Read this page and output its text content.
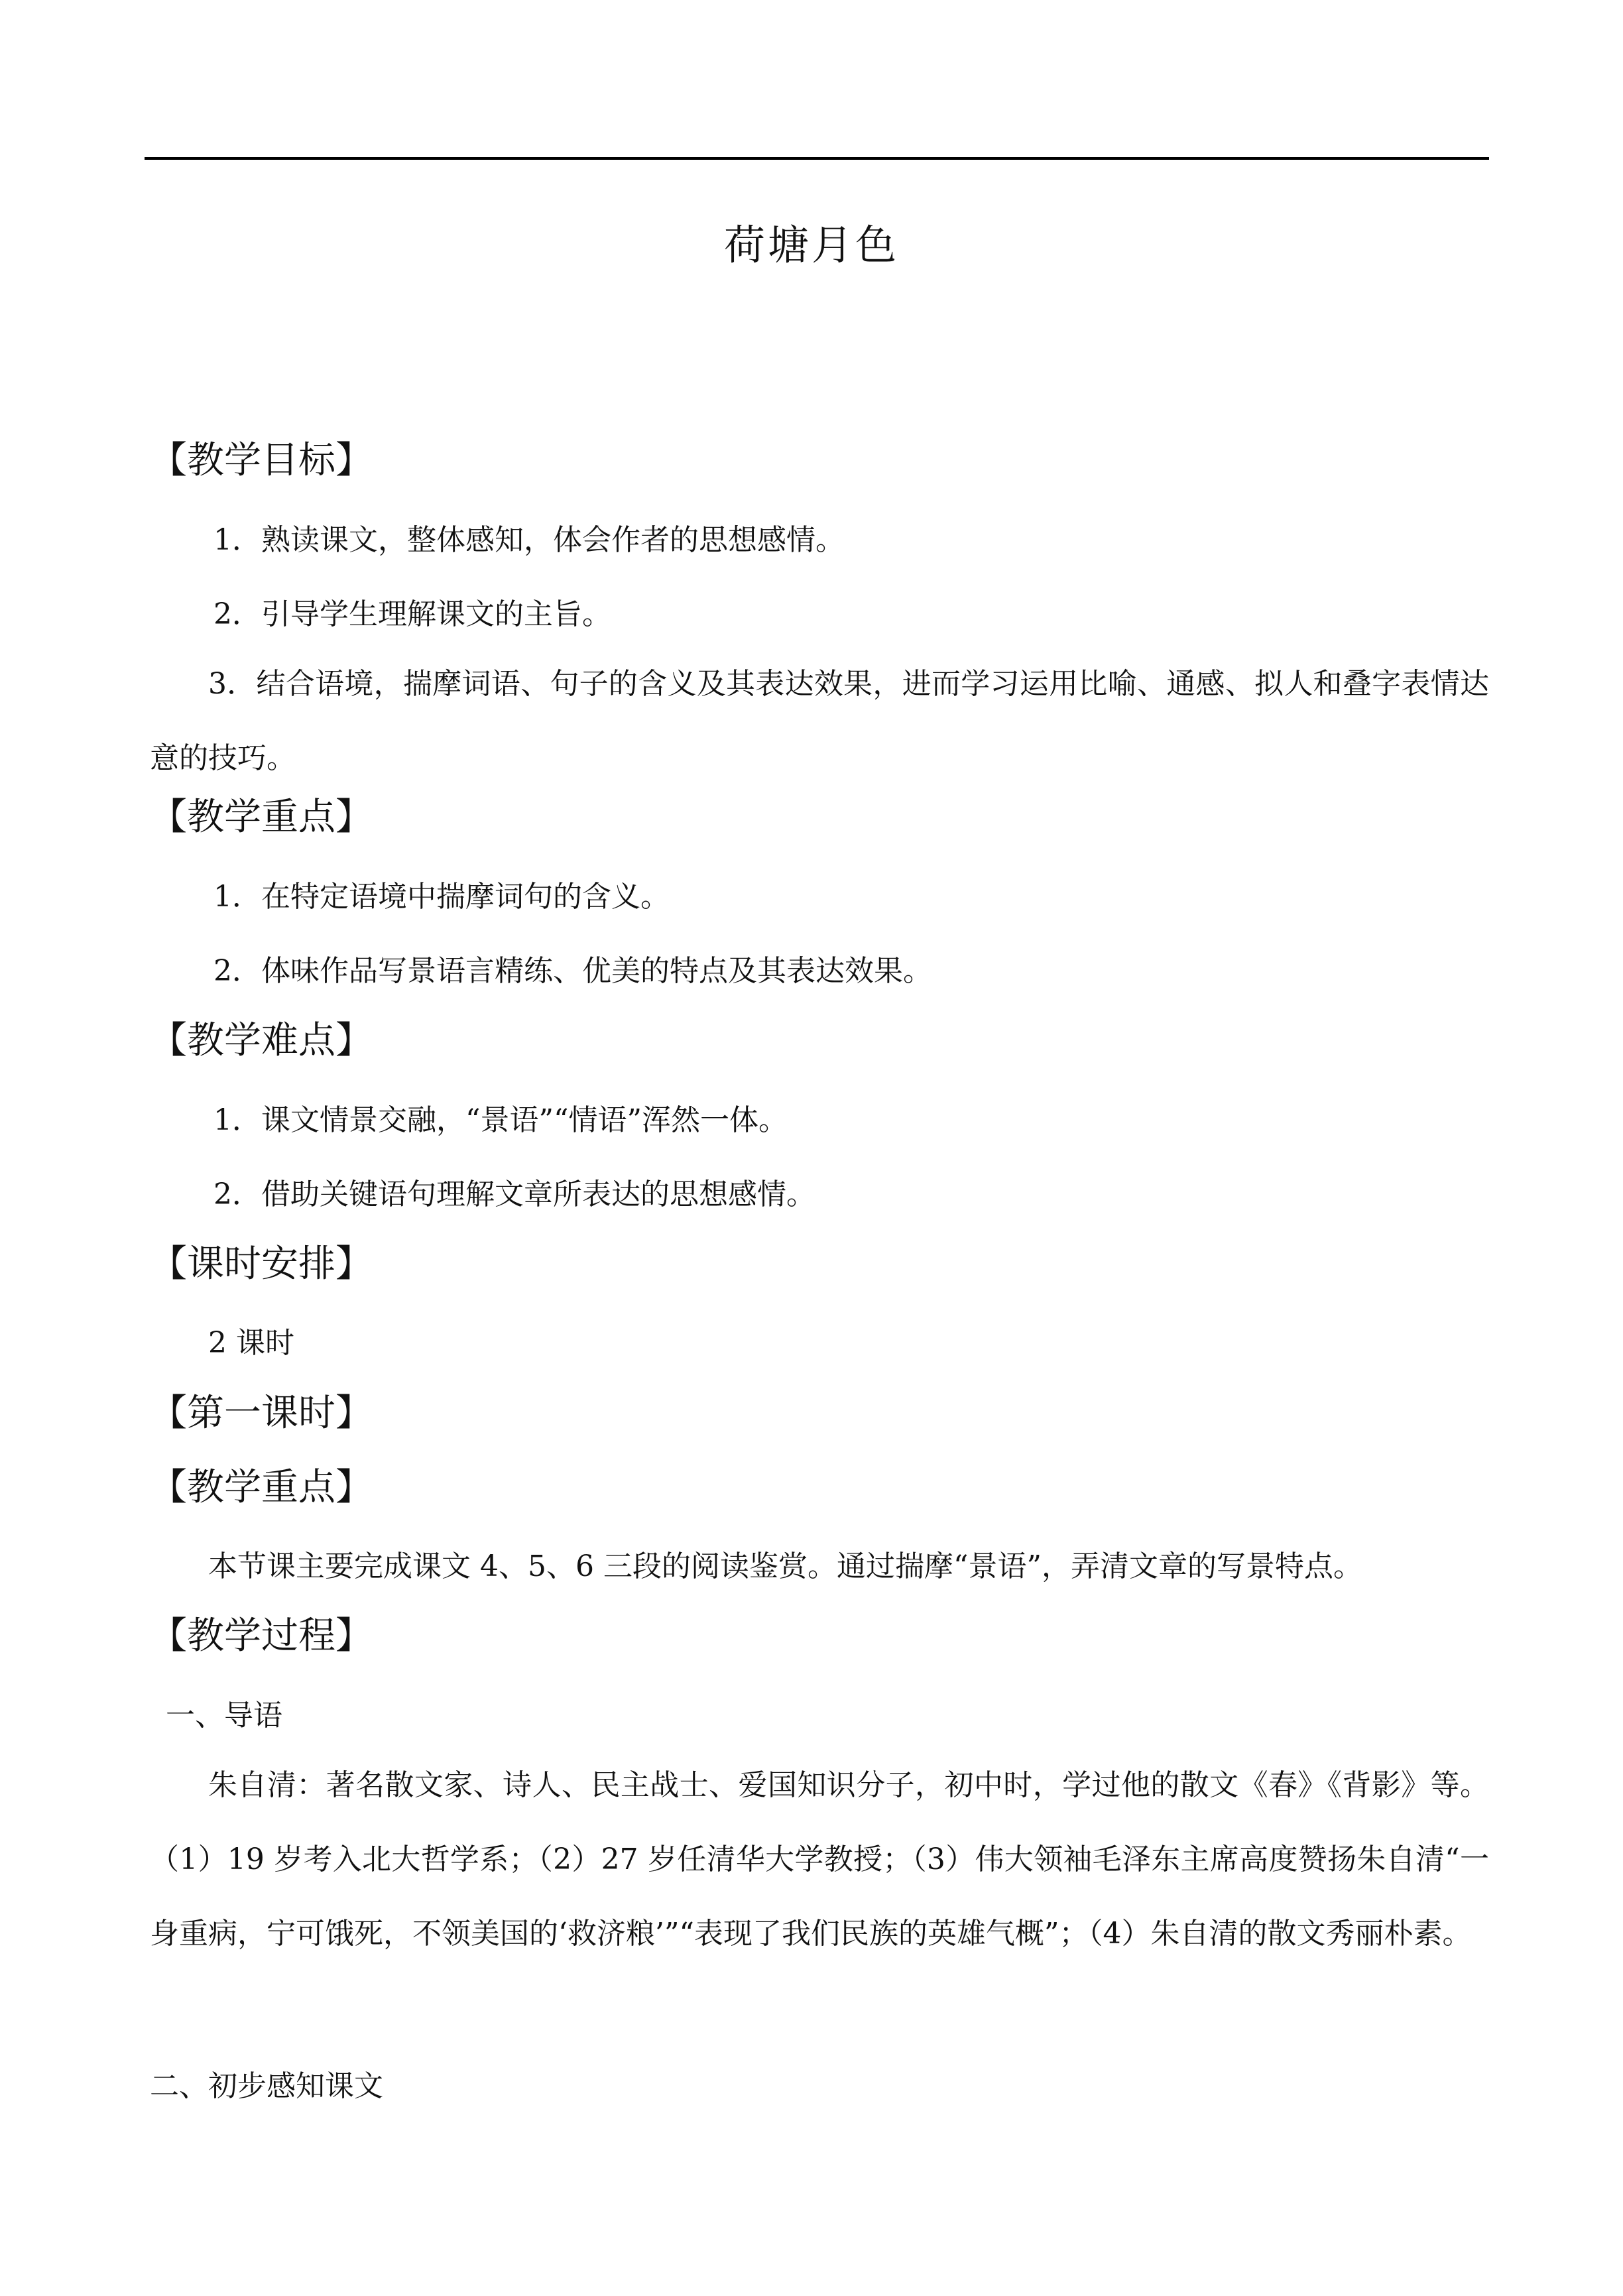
荷塘月色
【教学目标】
1．熟读课文，整体感知，体会作者的思想感情。
2．引导学生理解课文的主旨。
3．结合语境，揣摩词语、句子的含义及其表达效果，进而学习运用比喻、通感、拟人和叠字表情达意的技巧。
【教学重点】
1．在特定语境中揣摩词句的含义。
2．体味作品写景语言精练、优美的特点及其表达效果。
【教学难点】
1．课文情景交融，“景语”“情语”浑然一体。
2．借助关键语句理解文章所表达的思想感情。
【课时安排】
2 课时
【第一课时】
【教学重点】
本节课主要完成课文 4、5、6 三段的阅读鉴赏。通过揣摩“景语”，弄清文章的写景特点。
【教学过程】
一、导语
朱自清：著名散文家、诗人、民主战士、爱国知识分子，初中时，学过他的散文《春》《背影》等。（1）19 岁考入北大哲学系；（2）27 岁任清华大学教授；（3）伟大领袖毛泽东主席高度赞扬朱自清“一身重病，宁可饿死，不领美国的‘救济粮’”“表现了我们民族的英雄气概”；（4）朱自清的散文秀丽朴素。
二、初步感知课文
